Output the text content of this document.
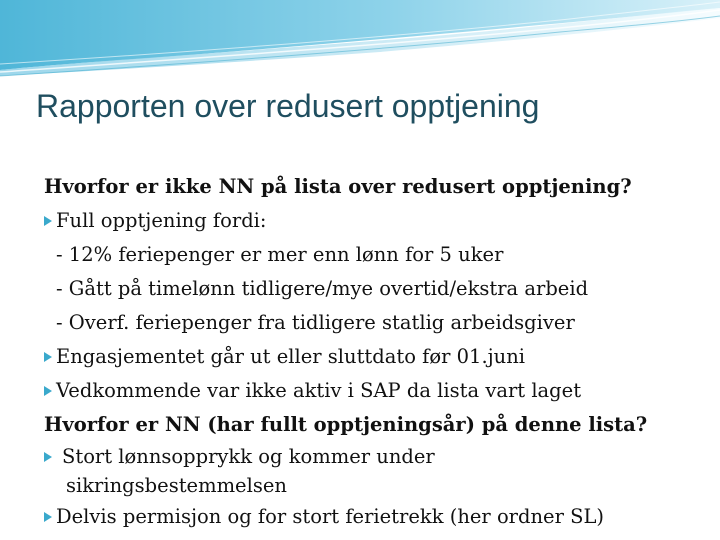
Rapporten over redusert opptjening
Hvorfor er ikke NN på lista over redusert opptjening?
Full opptjening fordi:
- 12% feriepenger er mer enn lønn for 5 uker
- Gått på timelønn tidligere/mye overtid/ekstra arbeid
- Overf. feriepenger fra tidligere statlig arbeidsgiver
Engasjementet går ut eller sluttdato før 01.juni
Vedkommende var ikke aktiv i SAP da lista vart laget
Hvorfor er NN (har fullt opptjeningsår) på denne lista?
Stort lønnsopprykk og kommer under
sikringsbestemmelsen
Delvis permisjon og for stort ferietrekk (her ordner SL)
